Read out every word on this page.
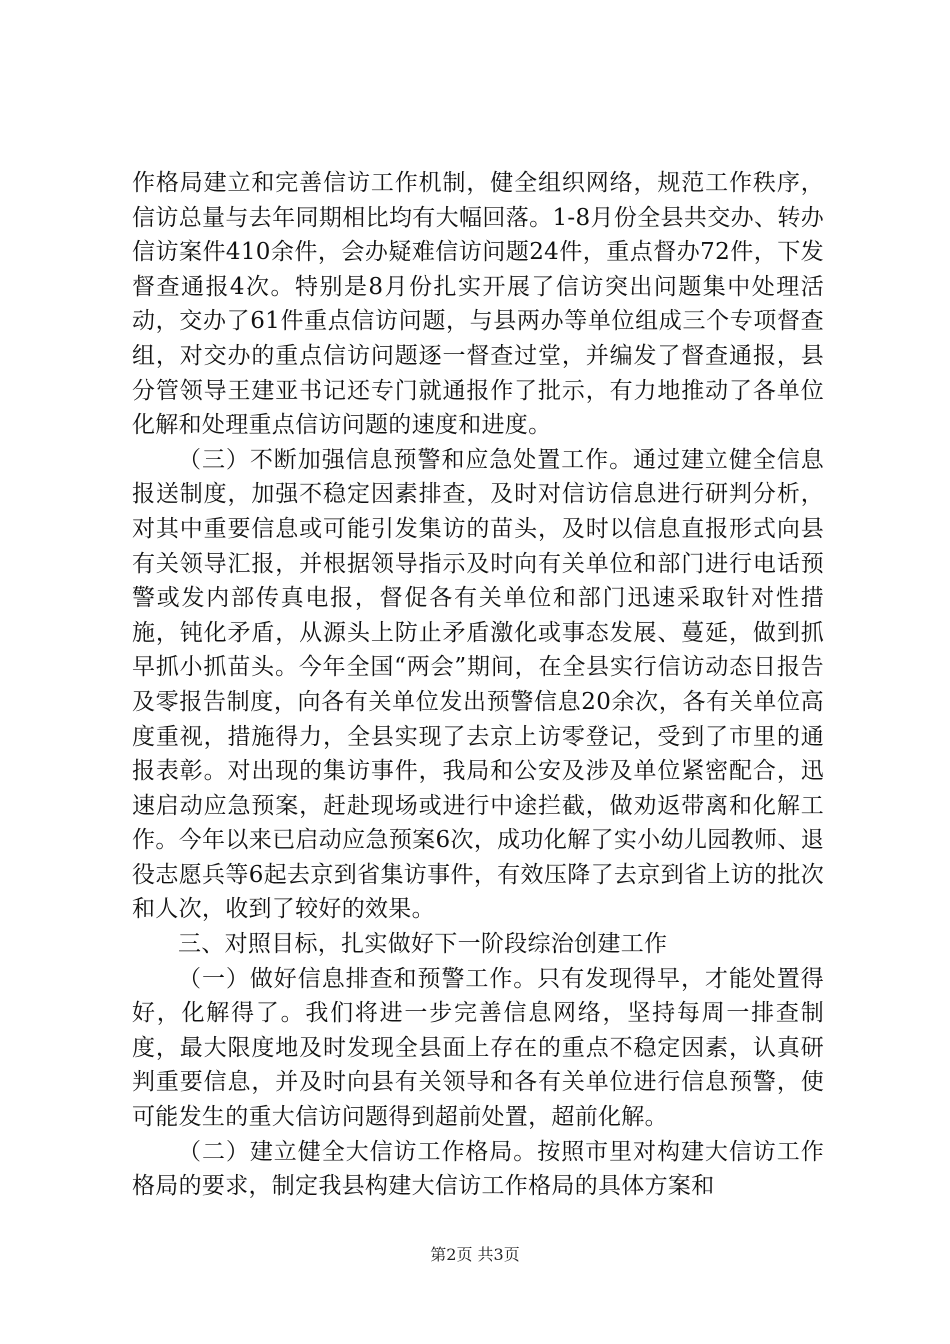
作格局建立和完善信访工作机制，健全组织网络，规范工作秩序，信访总量与去年同期相比均有大幅回落。1-8月份全县共交办、转办信访案件410余件，会办疑难信访问题24件，重点督办72件，下发督查通报4次。特别是8月份扎实开展了信访突出问题集中处理活动，交办了61件重点信访问题，与县两办等单位组成三个专项督查组，对交办的重点信访问题逐一督查过堂，并编发了督查通报，县分管领导王建亚书记还专门就通报作了批示，有力地推动了各单位化解和处理重点信访问题的速度和进度。

（三）不断加强信息预警和应急处置工作。通过建立健全信息报送制度，加强不稳定因素排查，及时对信访信息进行研判分析，对其中重要信息或可能引发集访的苗头，及时以信息直报形式向县有关领导汇报，并根据领导指示及时向有关单位和部门进行电话预警或发内部传真电报，督促各有关单位和部门迅速采取针对性措施，钝化矛盾，从源头上防止矛盾激化或事态发展、蔓延，做到抓早抓小抓苗头。今年全国“两会”期间，在全县实行信访动态日报告及零报告制度，向各有关单位发出预警信息20余次，各有关单位高度重视，措施得力，全县实现了去京上访零登记，受到了市里的通报表彰。对出现的集访事件，我局和公安及涉及单位紧密配合，迅速启动应急预案，赶赴现场或进行中途拦截，做劝返带离和化解工作。今年以来已启动应急预案6次，成功化解了实小幼儿园教师、退役志愿兵等6起去京到省集访事件，有效压降了去京到省上访的批次和人次，收到了较好的效果。

三、对照目标，扎实做好下一阶段综治创建工作

（一）做好信息排查和预警工作。只有发现得早，才能处置得好，化解得了。我们将进一步完善信息网络，坚持每周一排查制度，最大限度地及时发现全县面上存在的重点不稳定因素，认真研判重要信息，并及时向县有关领导和各有关单位进行信息预警，使可能发生的重大信访问题得到超前处置，超前化解。

（二）建立健全大信访工作格局。按照市里对构建大信访工作格局的要求，制定我县构建大信访工作格局的具体方案和

第2页 共3页
